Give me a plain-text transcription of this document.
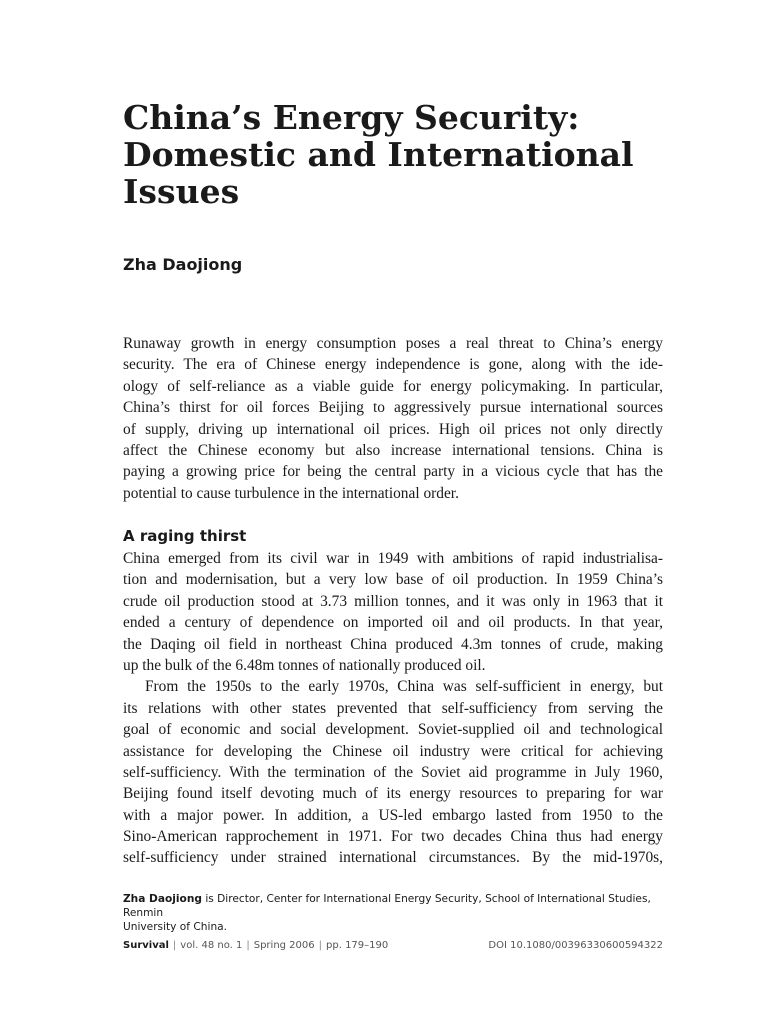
China’s Energy Security:
Domestic and International
Issues
Zha Daojiong
Runaway growth in energy consumption poses a real threat to China’s energy
security. The era of Chinese energy independence is gone, along with the ide-
ology of self-reliance as a viable guide for energy policymaking. In particular,
China’s thirst for oil forces Beijing to aggressively pursue international sources
of supply, driving up international oil prices. High oil prices not only directly
affect the Chinese economy but also increase international tensions. China is
paying a growing price for being the central party in a vicious cycle that has the
potential to cause turbulence in the international order.
A raging thirst
China emerged from its civil war in 1949 with ambitions of rapid industrialisa-
tion and modernisation, but a very low base of oil production. In 1959 China’s
crude oil production stood at 3.73 million tonnes, and it was only in 1963 that it
ended a century of dependence on imported oil and oil products. In that year,
the Daqing oil field in northeast China produced 4.3m tonnes of crude, making
up the bulk of the 6.48m tonnes of nationally produced oil.
From the 1950s to the early 1970s, China was self-sufficient in energy, but
its relations with other states prevented that self-sufficiency from serving the
goal of economic and social development. Soviet-supplied oil and technological
assistance for developing the Chinese oil industry were critical for achieving
self-sufficiency. With the termination of the Soviet aid programme in July 1960,
Beijing found itself devoting much of its energy resources to preparing for war
with a major power. In addition, a US-led embargo lasted from 1950 to the
Sino-American rapprochement in 1971. For two decades China thus had energy
self-sufficiency under strained international circumstances. By the mid-1970s,
Zha Daojiong is Director, Center for International Energy Security, School of International Studies, Renmin
University of China.
Survival | vol. 48 no. 1 | Spring 2006 | pp. 179–190	DOI 10.1080/00396330600594322
